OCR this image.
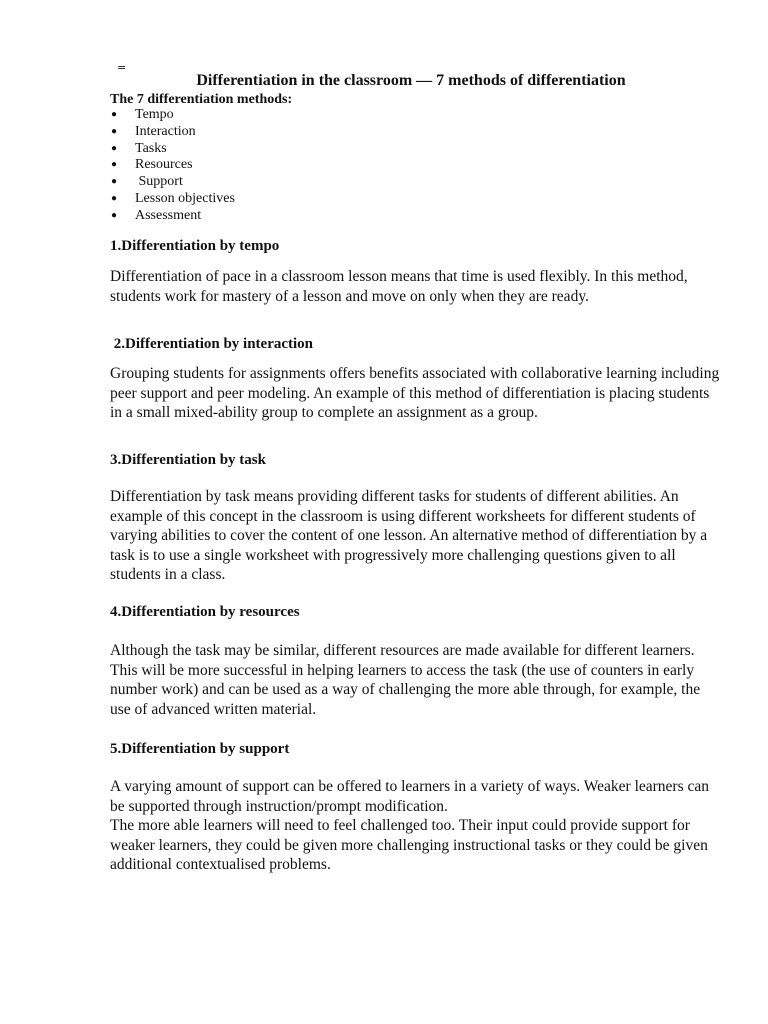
=
Differentiation in the classroom — 7 methods of differentiation
The 7 differentiation methods:
● Tempo
● Interaction
● Tasks
● Resources
● Support
● Lesson objectives
● Assessment
1.Differentiation by tempo

Differentiation of pace in a classroom lesson means that time is used flexibly. In this method, students work for mastery of a lesson and move on only when they are ready.

2.Differentiation by interaction

Grouping students for assignments offers benefits associated with collaborative learning including peer support and peer modeling. An example of this method of differentiation is placing students in a small mixed-ability group to complete an assignment as a group.

3.Differentiation by task

Differentiation by task means providing different tasks for students of different abilities. An example of this concept in the classroom is using different worksheets for different students of varying abilities to cover the content of one lesson. An alternative method of differentiation by a task is to use a single worksheet with progressively more challenging questions given to all students in a class.

4.Differentiation by resources

Although the task may be similar, different resources are made available for different learners. This will be more successful in helping learners to access the task (the use of counters in early number work) and can be used as a way of challenging the more able through, for example, the use of advanced written material.

5.Differentiation by support

A varying amount of support can be offered to learners in a variety of ways. Weaker learners can be supported through instruction/prompt modification.

The more able learners will need to feel challenged too. Their input could provide support for weaker learners, they could be given more challenging instructional tasks or they could be given additional contextualised problems.
